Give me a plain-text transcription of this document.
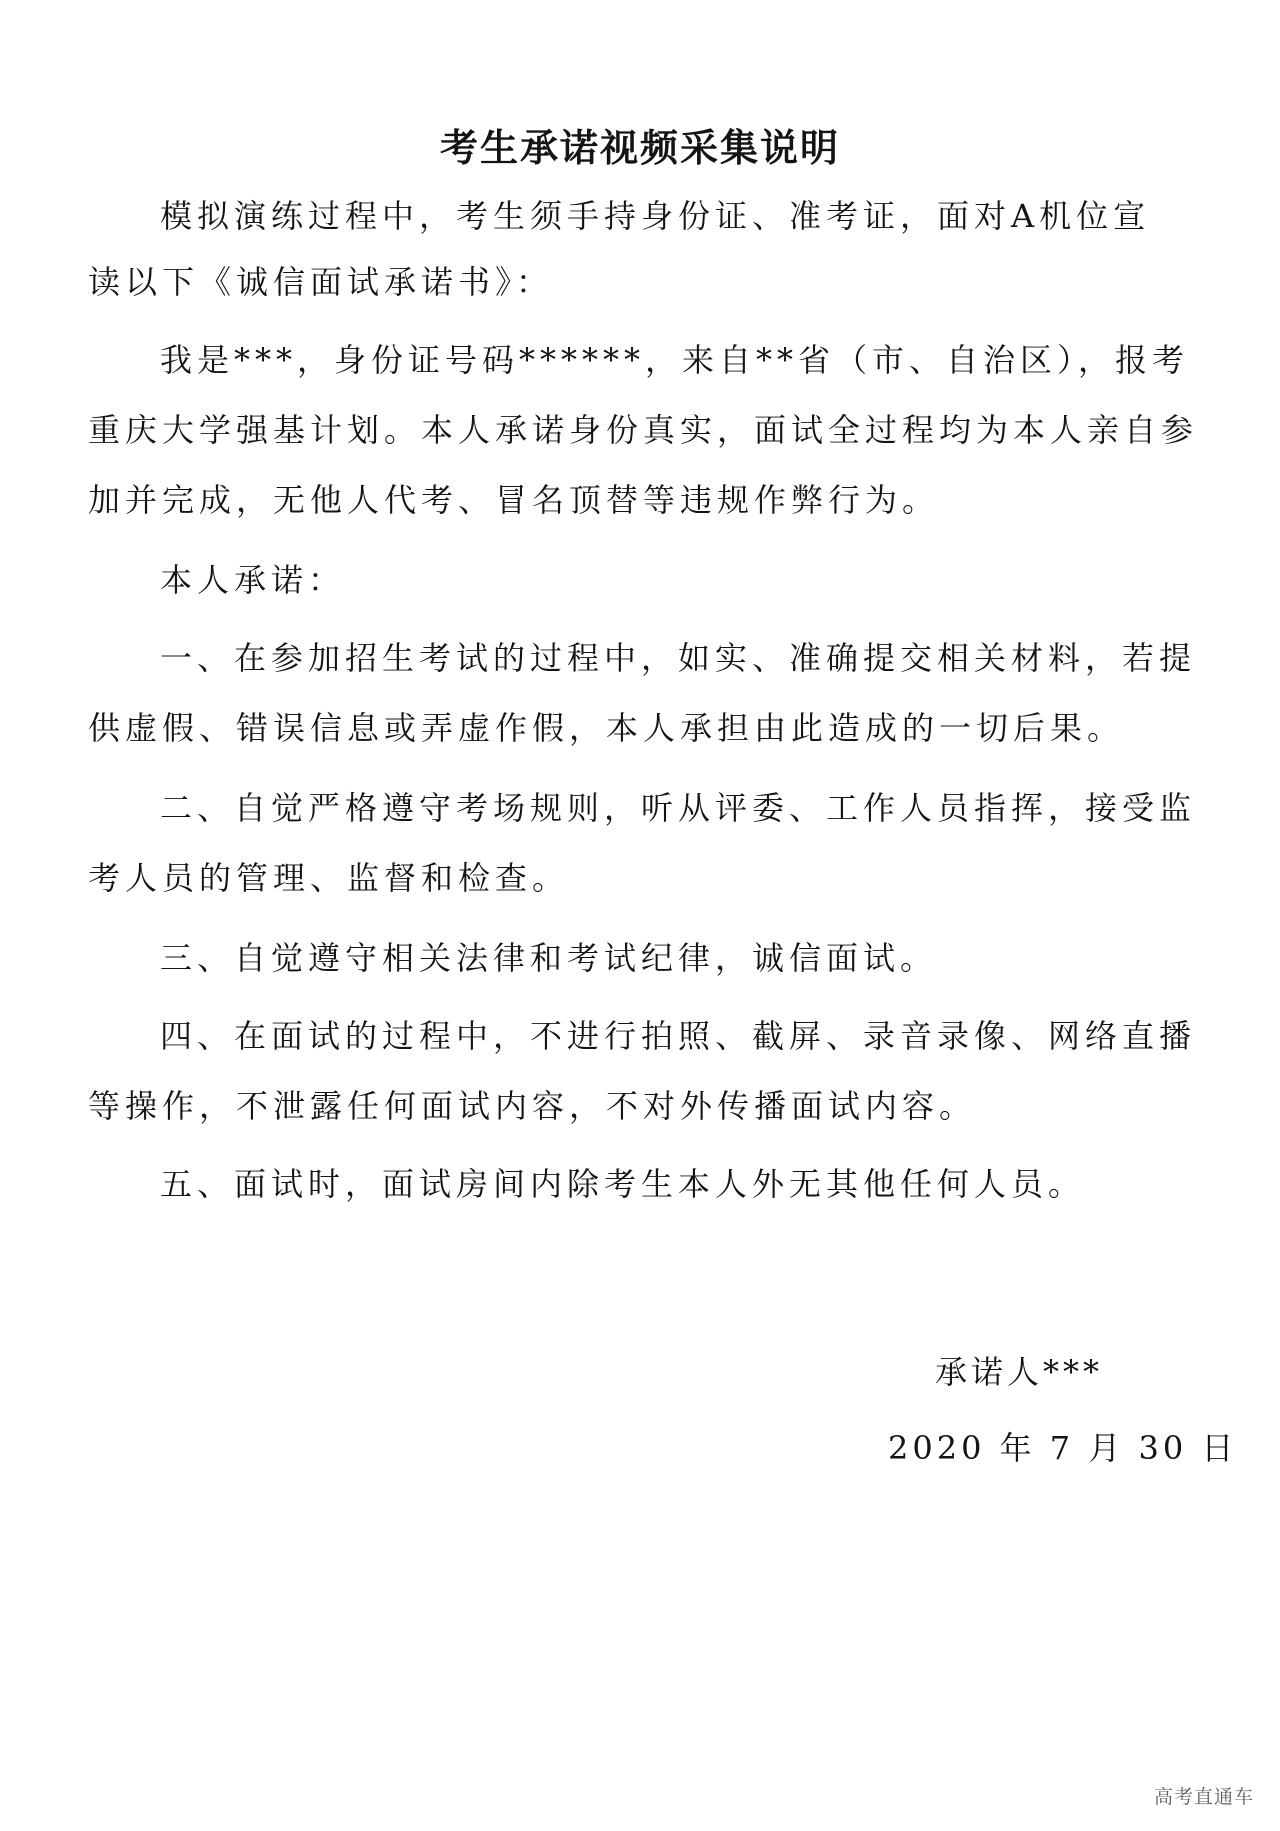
考生承诺视频采集说明
模拟演练过程中，考生须手持身份证、准考证，面对A机位宣
读以下《诚信面试承诺书》：
我是***，身份证号码******，来自**省（市、自治区），报考
重庆大学强基计划。本人承诺身份真实，面试全过程均为本人亲自参
加并完成，无他人代考、冒名顶替等违规作弊行为。
本人承诺：
一、在参加招生考试的过程中，如实、准确提交相关材料，若提
供虚假、错误信息或弄虚作假，本人承担由此造成的一切后果。
二、自觉严格遵守考场规则，听从评委、工作人员指挥，接受监
考人员的管理、监督和检查。
三、自觉遵守相关法律和考试纪律，诚信面试。
四、在面试的过程中，不进行拍照、截屏、录音录像、网络直播
等操作，不泄露任何面试内容，不对外传播面试内容。
五、面试时，面试房间内除考生本人外无其他任何人员。
承诺人***
2020 年 7 月 30 日
高考直通车
